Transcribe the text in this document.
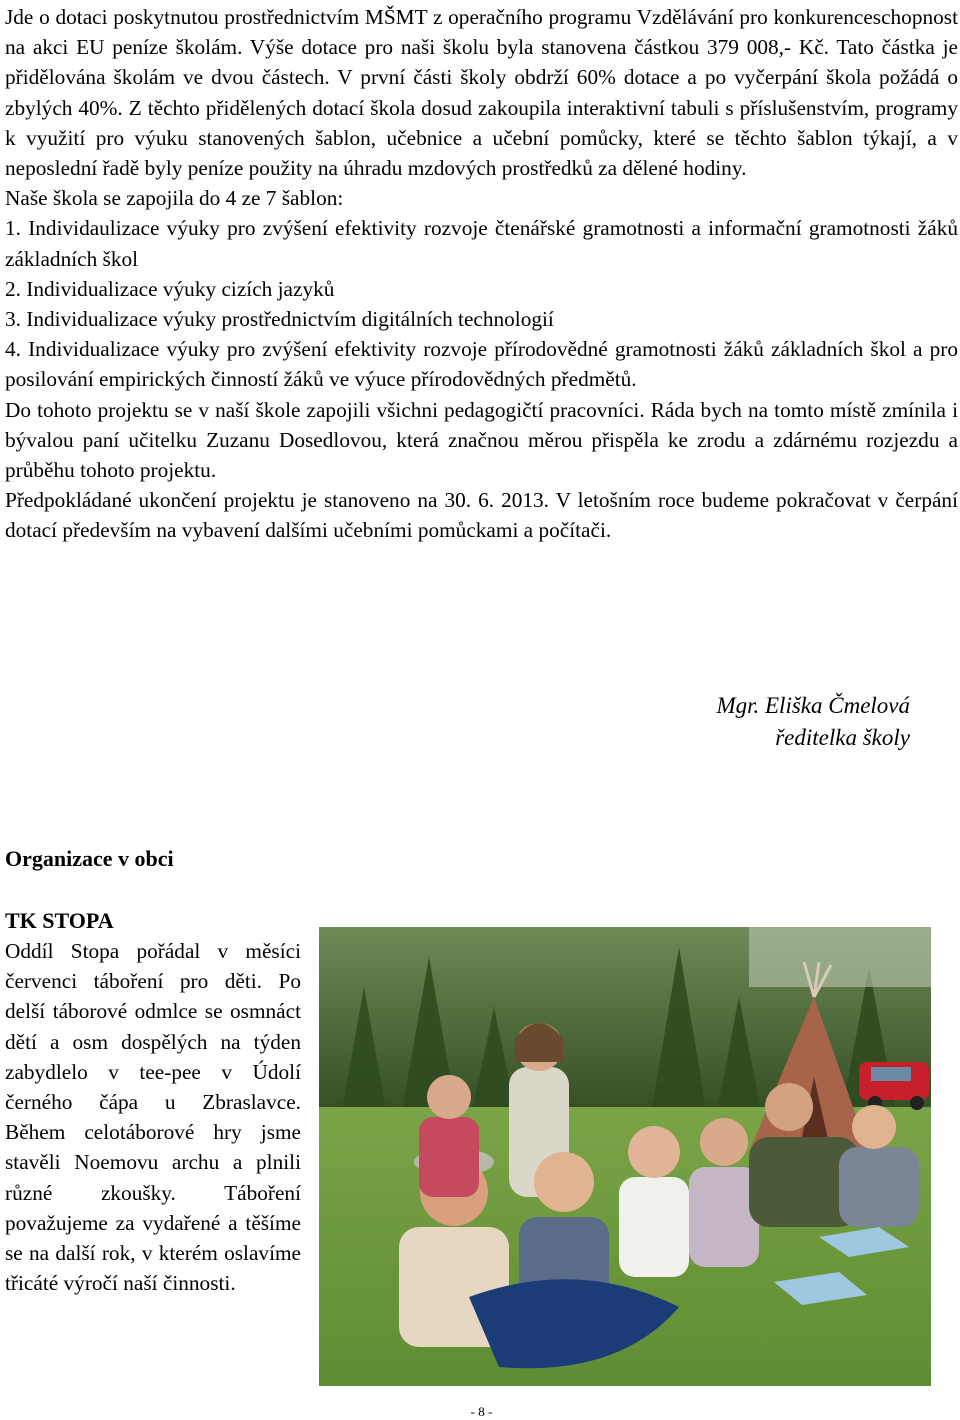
Jde o dotaci poskytnutou prostřednictvím MŠMT z operačního programu Vzdělávání pro konkurenceschopnost na akci EU peníze školám. Výše dotace pro naši školu byla stanovena částkou 379 008,- Kč. Tato částka je přidělována školám ve dvou částech. V první části školy obdrží 60% dotace a po vyčerpání škola požádá o zbylých 40%. Z těchto přidělených dotací škola dosud zakoupila interaktivní tabuli s příslušenstvím, programy k využití pro výuku stanovených šablon, učebnice a učební pomůcky, které se těchto šablon týkají, a v neposlední řadě byly peníze použity na úhradu mzdových prostředků za dělené hodiny.

Naše škola se zapojila do 4 ze 7 šablon:

1. Individaulizace výuky pro zvýšení efektivity rozvoje čtenářské gramotnosti a informační gramotnosti žáků základních škol

2. Individualizace výuky cizích jazyků

3. Individualizace výuky prostřednictvím digitálních technologií

4. Individualizace výuky pro zvýšení efektivity rozvoje přírodovědné gramotnosti žáků základních škol a pro posilování empirických činností žáků ve výuce přírodovědných předmětů.

Do tohoto projektu se v naší škole zapojili všichni pedagogičtí pracovníci. Ráda bych na tomto místě zmínila i bývalou paní učitelku Zuzanu Dosedlovou, která značnou měrou přispěla ke zrodu a zdárnému rozjezdu a průběhu tohoto projektu.

Předpokládané ukončení projektu je stanoveno na 30. 6. 2013. V letošním roce budeme pokračovat v čerpání dotací především na vybavení dalšími učebními pomůckami a počítači.

Mgr. Eliška Čmelová
ředitelka školy
Organizace v obci
TK STOPA
Oddíl Stopa pořádal v měsíci červenci táboření pro děti. Po delší táborové odmlce se osmnáct dětí a osm dospělých na týden zabydlelo v tee-pee v Údolí černého čápa u Zbraslavce. Během celotáborové hry jsme stavěli Noemovu archu a plnili různé zkoušky. Táboření považujeme za vydařené a těšíme se na další rok, v kterém oslavíme třicáté výročí naší činnosti.
- 8 -
